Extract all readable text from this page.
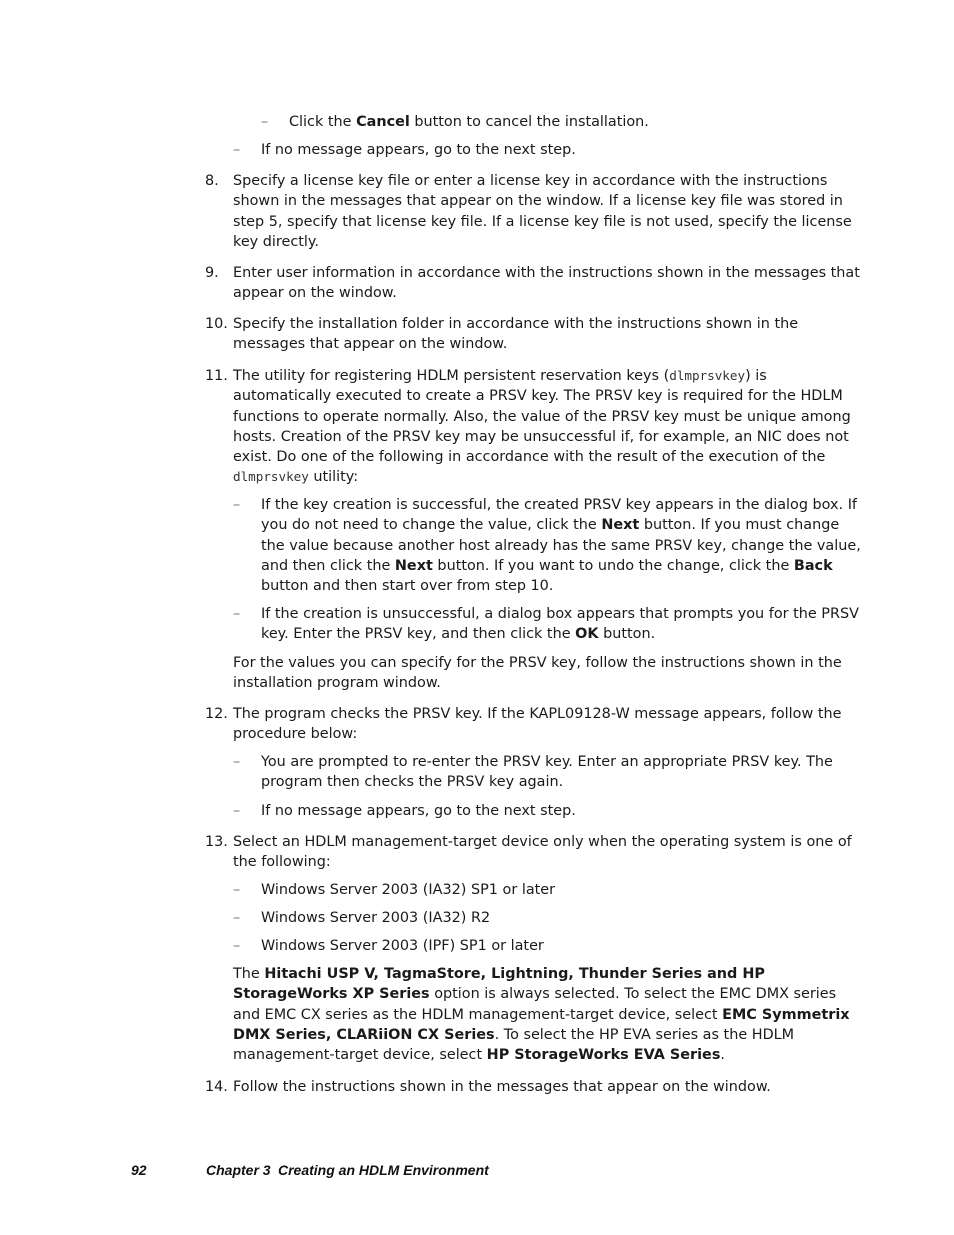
– Click the Cancel button to cancel the installation.

– If no message appears, go to the next step.

8. Specify a license key file or enter a license key in accordance with the instructions shown in the messages that appear on the window. If a license key file was stored in step 5, specify that license key file. If a license key file is not used, specify the license key directly.

9. Enter user information in accordance with the instructions shown in the messages that appear on the window.

10. Specify the installation folder in accordance with the instructions shown in the messages that appear on the window.

11. The utility for registering HDLM persistent reservation keys (dlmprsvkey) is automatically executed to create a PRSV key. The PRSV key is required for the HDLM functions to operate normally. Also, the value of the PRSV key must be unique among hosts. Creation of the PRSV key may be unsuccessful if, for example, an NIC does not exist. Do one of the following in accordance with the result of the execution of the dlmprsvkey utility:

– If the key creation is successful, the created PRSV key appears in the dialog box. If you do not need to change the value, click the Next button. If you must change the value because another host already has the same PRSV key, change the value, and then click the Next button. If you want to undo the change, click the Back button and then start over from step 10.

– If the creation is unsuccessful, a dialog box appears that prompts you for the PRSV key. Enter the PRSV key, and then click the OK button.

For the values you can specify for the PRSV key, follow the instructions shown in the installation program window.

12. The program checks the PRSV key. If the KAPL09128-W message appears, follow the procedure below:

– You are prompted to re-enter the PRSV key. Enter an appropriate PRSV key. The program then checks the PRSV key again.

– If no message appears, go to the next step.

13. Select an HDLM management-target device only when the operating system is one of the following:

– Windows Server 2003 (IA32) SP1 or later

– Windows Server 2003 (IA32) R2

– Windows Server 2003 (IPF) SP1 or later

The Hitachi USP V, TagmaStore, Lightning, Thunder Series and HP StorageWorks XP Series option is always selected. To select the EMC DMX series and EMC CX series as the HDLM management-target device, select EMC Symmetrix DMX Series, CLARiiON CX Series. To select the HP EVA series as the HDLM management-target device, select HP StorageWorks EVA Series.

14. Follow the instructions shown in the messages that appear on the window.

92	Chapter 3 Creating an HDLM Environment
